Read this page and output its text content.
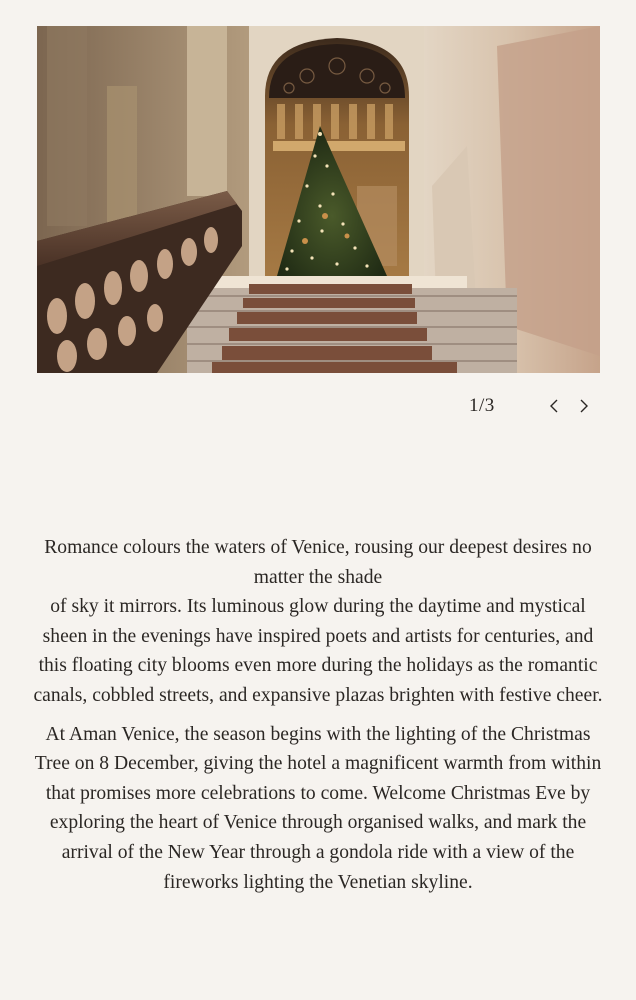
1/3

Romance colours the waters of Venice, rousing our deepest desires no matter the shade
of sky it mirrors. Its luminous glow during the daytime and mystical sheen in the evenings have inspired poets and artists for centuries, and this floating city blooms even more during the holidays as the romantic canals, cobbled streets, and expansive plazas brighten with festive cheer.

At Aman Venice, the season begins with the lighting of the Christmas Tree on 8 December, giving the hotel a magnificent warmth from within that promises more celebrations to come. Welcome Christmas Eve by exploring the heart of Venice through organised walks, and mark the arrival of the New Year through a gondola ride with a view of the fireworks lighting the Venetian skyline.
